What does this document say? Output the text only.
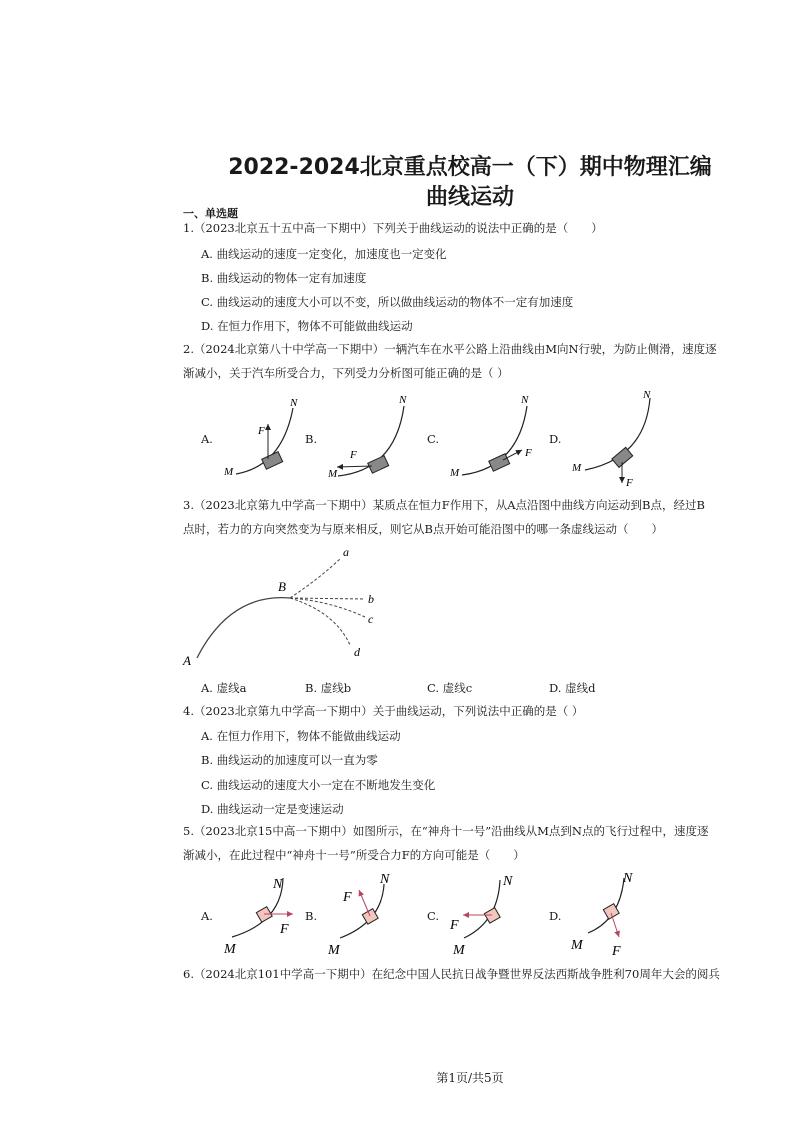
2022-2024北京重点校高一（下）期中物理汇编
曲线运动
一、单选题
1.（2023北京五十五中高一下期中）下列关于曲线运动的说法中正确的是（　　）
A. 曲线运动的速度一定变化，加速度也一定变化
B. 曲线运动的物体一定有加速度
C. 曲线运动的速度大小可以不变，所以做曲线运动的物体不一定有加速度
D. 在恒力作用下，物体不可能做曲线运动
2.（2024北京第八十中学高一下期中）一辆汽车在水平公路上沿曲线由M向N行驶，为防止侧滑，速度逐
渐减小，关于汽车所受合力，下列受力分析图可能正确的是（ ）
A.	B.	C.	D.
F
N
M
F
N
M
F
N
M
F
N
M
A
B
a
b
c
d
N
F
M
N
F
M
N
F
M
N
F
M
3.（2023北京第九中学高一下期中）某质点在恒力F作用下，从A点沿图中曲线方向运动到B点，经过B
点时，若力的方向突然变为与原来相反，则它从B点开始可能沿图中的哪一条虚线运动（　　）
A. 虚线a	B. 虚线b	C. 虚线c	D. 虚线d
4.（2023北京第九中学高一下期中）关于曲线运动，下列说法中正确的是（ ）
A. 在恒力作用下，物体不能做曲线运动
B. 曲线运动的加速度可以一直为零
C. 曲线运动的速度大小一定在不断地发生变化
D. 曲线运动一定是变速运动
5.（2023北京15中高一下期中）如图所示，在“神舟十一号”沿曲线从M点到N点的飞行过程中，速度逐
渐减小，在此过程中“神舟十一号”所受合力F的方向可能是（　　）
A.	B.	C.	D.
6.（2024北京101中学高一下期中）在纪念中国人民抗日战争暨世界反法西斯战争胜利70周年大会的阅兵
第1页/共5页
